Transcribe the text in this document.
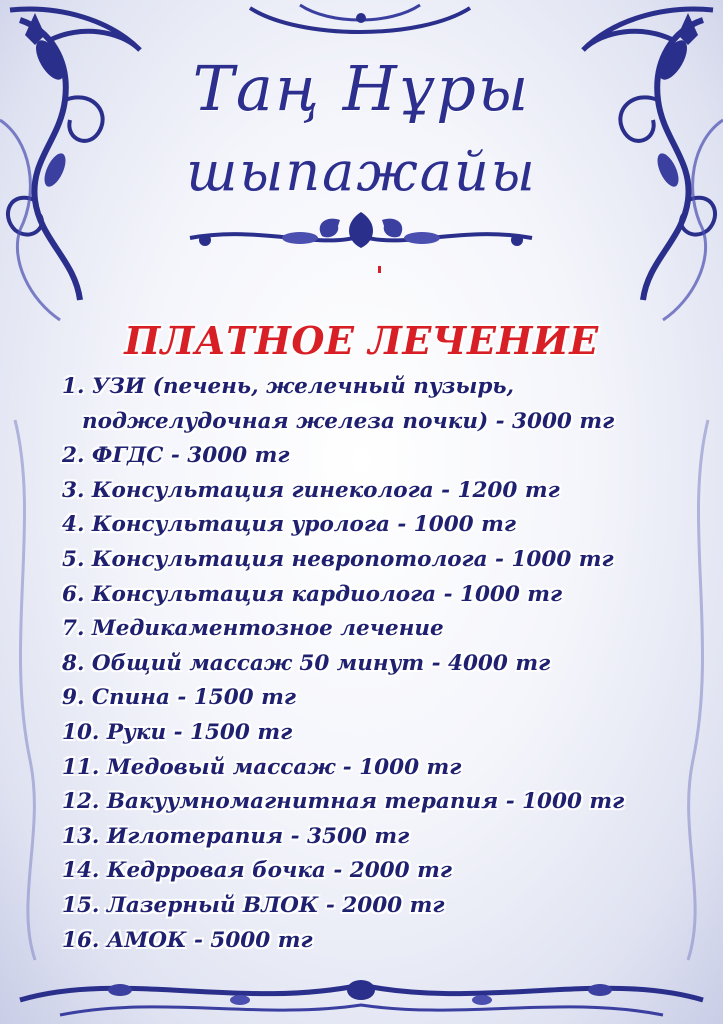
Таң Нұры
шыпажайы
ПЛАТНОЕ ЛЕЧЕНИЕ
1. УЗИ (печень, желечный пузырь,
поджелудочная железа почки) - 3000 тг
2. ФГДС - 3000 тг
3. Консультация гинеколога - 1200 тг
4. Консультация уролога - 1000 тг
5. Консультация невропотолога - 1000 тг
6. Консультация кардиолога - 1000 тг
7. Медикаментозное лечение
8. Общий массаж 50 минут - 4000 тг
9. Спина - 1500 тг
10. Руки - 1500 тг
11. Медовый массаж - 1000 тг
12. Вакуумномагнитная терапия - 1000 тг
13. Иглотерапия - 3500 тг
14. Кедрровая бочка - 2000 тг
15. Лазерный ВЛОК - 2000 тг
16. АМОК - 5000 тг
